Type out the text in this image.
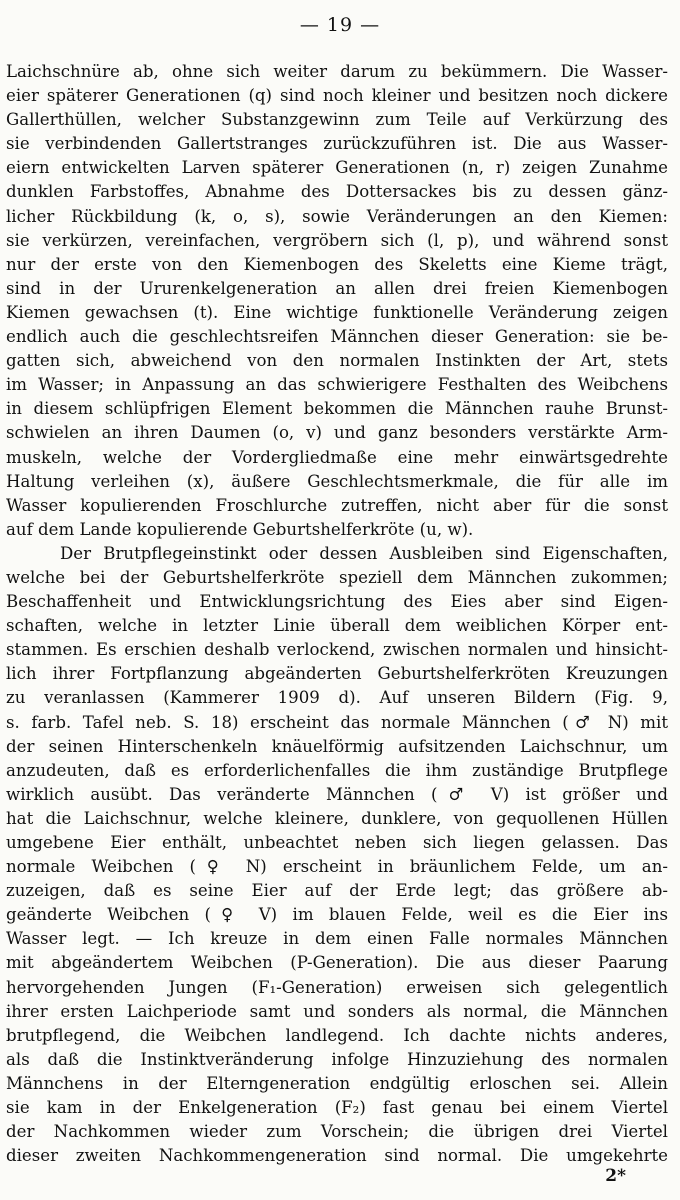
— 19 —
Laichschnüre ab, ohne sich weiter darum zu bekümmern. Die Wasser-
eier späterer Generationen (q) sind noch kleiner und besitzen noch dickere
Gallerthüllen, welcher Substanzgewinn zum Teile auf Verkürzung des
sie verbindenden Gallertstranges zurückzuführen ist. Die aus Wasser-
eiern entwickelten Larven späterer Generationen (n, r) zeigen Zunahme
dunklen Farbstoffes, Abnahme des Dottersackes bis zu dessen gänz-
licher Rückbildung (k, o, s), sowie Veränderungen an den Kiemen:
sie verkürzen, vereinfachen, vergröbern sich (l, p), und während sonst
nur der erste von den Kiemenbogen des Skeletts eine Kieme trägt,
sind in der Ururenkelgeneration an allen drei freien Kiemenbogen
Kiemen gewachsen (t). Eine wichtige funktionelle Veränderung zeigen
endlich auch die geschlechtsreifen Männchen dieser Generation: sie be-
gatten sich, abweichend von den normalen Instinkten der Art, stets
im Wasser; in Anpassung an das schwierigere Festhalten des Weibchens
in diesem schlüpfrigen Element bekommen die Männchen rauhe Brunst-
schwielen an ihren Daumen (o, v) und ganz besonders verstärkte Arm-
muskeln, welche der Vordergliedmaße eine mehr einwärtsgedrehte
Haltung verleihen (x), äußere Geschlechtsmerkmale, die für alle im
Wasser kopulierenden Froschlurche zutreffen, nicht aber für die sonst
auf dem Lande kopulierende Geburtshelferkröte (u, w).
Der Brutpflegeinstinkt oder dessen Ausbleiben sind Eigenschaften,
welche bei der Geburtshelferkröte speziell dem Männchen zukommen;
Beschaffenheit und Entwicklungsrichtung des Eies aber sind Eigen-
schaften, welche in letzter Linie überall dem weiblichen Körper ent-
stammen. Es erschien deshalb verlockend, zwischen normalen und hinsicht-
lich ihrer Fortpflanzung abgeänderten Geburtshelferkröten Kreuzungen
zu veranlassen (Kammerer 1909 d). Auf unseren Bildern (Fig. 9,
s. farb. Tafel neb. S. 18) erscheint das normale Männchen (♂ N) mit
der seinen Hinterschenkeln knäuelförmig aufsitzenden Laichschnur, um
anzudeuten, daß es erforderlichenfalles die ihm zuständige Brutpflege
wirklich ausübt. Das veränderte Männchen (♂ V) ist größer und
hat die Laichschnur, welche kleinere, dunklere, von gequollenen Hüllen
umgebene Eier enthält, unbeachtet neben sich liegen gelassen. Das
normale Weibchen (♀ N) erscheint in bräunlichem Felde, um an-
zuzeigen, daß es seine Eier auf der Erde legt; das größere ab-
geänderte Weibchen (♀ V) im blauen Felde, weil es die Eier ins
Wasser legt. — Ich kreuze in dem einen Falle normales Männchen
mit abgeändertem Weibchen (P-Generation). Die aus dieser Paarung
hervorgehenden Jungen (F₁-Generation) erweisen sich gelegentlich
ihrer ersten Laichperiode samt und sonders als normal, die Männchen
brutpflegend, die Weibchen landlegend. Ich dachte nichts anderes,
als daß die Instinktveränderung infolge Hinzuziehung des normalen
Männchens in der Elterngeneration endgültig erloschen sei. Allein
sie kam in der Enkelgeneration (F₂) fast genau bei einem Viertel
der Nachkommen wieder zum Vorschein; die übrigen drei Viertel
dieser zweiten Nachkommengeneration sind normal. Die umgekehrte
2*
